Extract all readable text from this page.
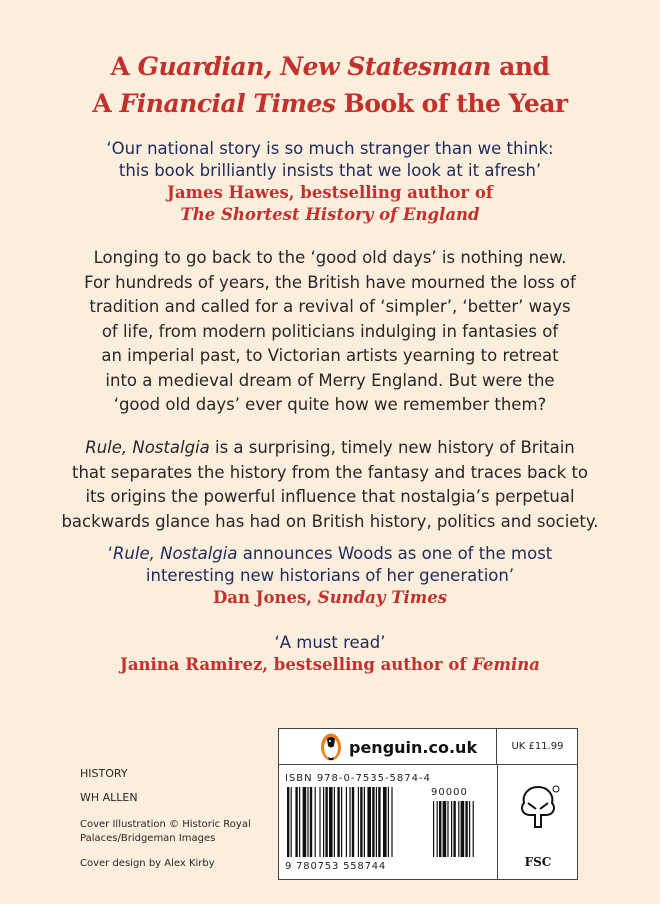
A Guardian, New Statesman and
A Financial Times Book of the Year
‘Our national story is so much stranger than we think:
this book brilliantly insists that we look at it afresh’
James Hawes, bestselling author of
The Shortest History of England
Longing to go back to the ‘good old days’ is nothing new.
For hundreds of years, the British have mourned the loss of
tradition and called for a revival of ‘simpler’, ‘better’ ways
of life, from modern politicians indulging in fantasies of
an imperial past, to Victorian artists yearning to retreat
into a medieval dream of Merry England. But were the
‘good old days’ ever quite how we remember them?
Rule, Nostalgia is a surprising, timely new history of Britain
that separates the history from the fantasy and traces back to
its origins the powerful influence that nostalgia’s perpetual
backwards glance has had on British history, politics and society.
‘Rule, Nostalgia announces Woods as one of the most
interesting new historians of her generation’
Dan Jones, Sunday Times
‘A must read’
Janina Ramirez, bestselling author of Femina
HISTORY
WH ALLEN
Cover Illustration © Historic Royal
Palaces/Bridgeman Images
Cover design by Alex Kirby
penguin.co.uk	UK £11.99
FSC
ISBN 978-0-7535-5874-4
90000
9 780753 558744
